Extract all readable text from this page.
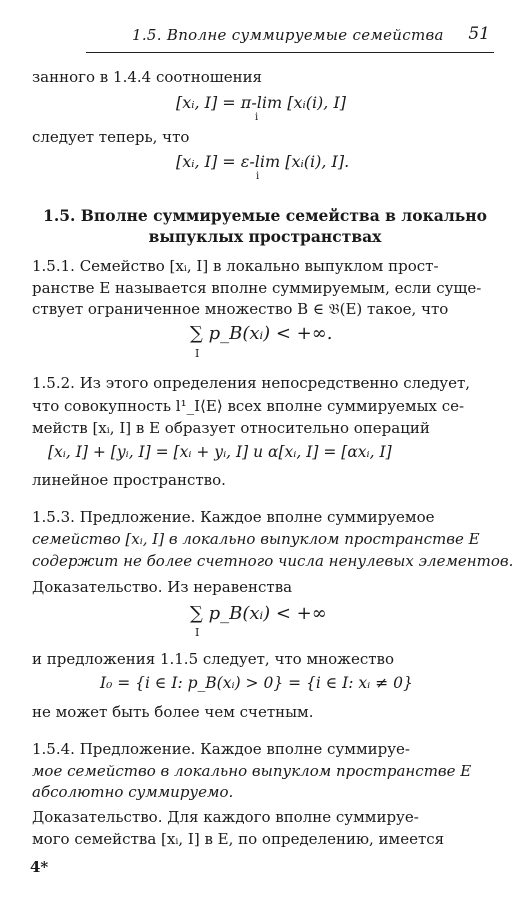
1.5. Вполне суммируемые семейства 51
занного в 1.4.4 соотношения
[xᵢ, I] = π-lim [xᵢ(i), I]
i
следует теперь, что
[xᵢ, I] = ε-lim [xᵢ(i), I].
i
1.5. Вполне суммируемые семейства в локально
выпуклых пространствах
1.5.1. Семейство [xᵢ, I] в локально выпуклом прост-
ранстве E называется вполне суммируемым, если суще-
ствует ограниченное множество B ∈ 𝔅(E) такое, что
∑ p_B(xᵢ) < +∞.
I
1.5.2. Из этого определения непосредственно следует,
что совокупность l¹_I⟨E⟩ всех вполне суммируемых се-
мейств [xᵢ, I] в E образует относительно операций
[xᵢ, I] + [yᵢ, I] = [xᵢ + yᵢ, I] и α[xᵢ, I] = [αxᵢ, I]
линейное пространство.
1.5.3. Предложение. Каждое вполне суммируемое
семейство [xᵢ, I] в локально выпуклом пространстве E
содержит не более счетного числа ненулевых элементов.
Доказательство. Из неравенства
∑ p_B(xᵢ) < +∞
I
и предложения 1.1.5 следует, что множество
I₀ = {i ∈ I: p_B(xᵢ) > 0} = {i ∈ I: xᵢ ≠ 0}
не может быть более чем счетным.
1.5.4. Предложение. Каждое вполне суммируе-
мое семейство в локально выпуклом пространстве E
абсолютно суммируемо.
Доказательство. Для каждого вполне суммируе-
мого семейства [xᵢ, I] в E, по определению, имеется
4*
